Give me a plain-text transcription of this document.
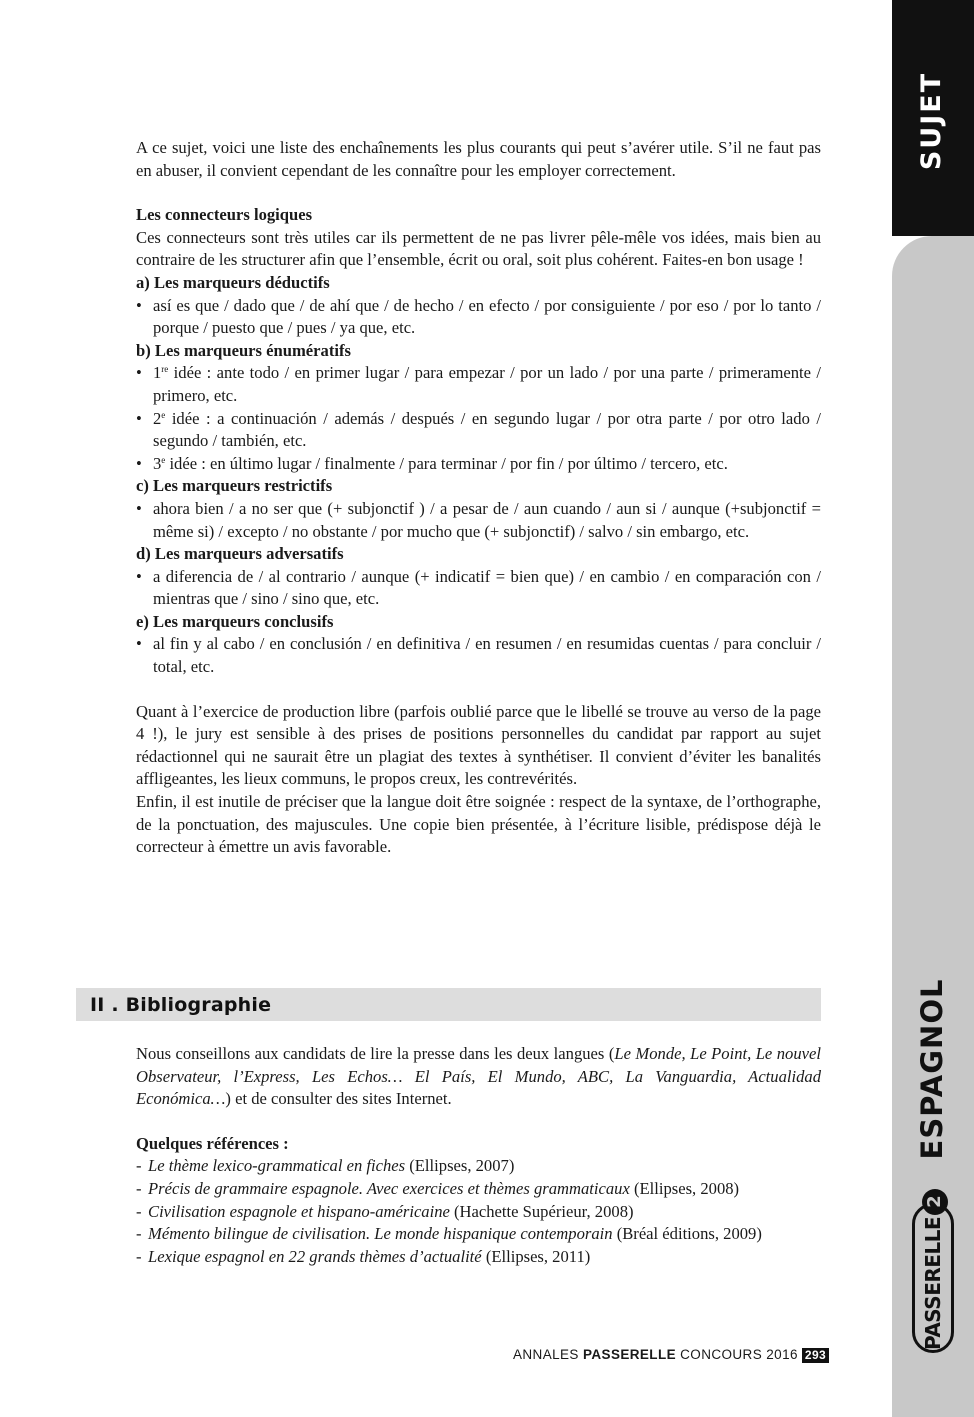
SUJET
ESPAGNOL
PASSERELLE2

A ce sujet, voici une liste des enchaînements les plus courants qui peut s’avérer utile. S’il ne faut pas en abuser, il convient cependant de les connaître pour les employer correctement.

Les connecteurs logiques

Ces connecteurs sont très utiles car ils permettent de ne pas livrer pêle-mêle vos idées, mais bien au contraire de les structurer afin que l’ensemble, écrit ou oral, soit plus cohérent. Faites-en bon usage !

a) Les marqueurs déductifs

• así es que / dado que / de ahí que / de hecho / en efecto / por consiguiente / por eso / por lo tanto / porque / puesto que / pues / ya que, etc.

b) Les marqueurs énumératifs

• 1re idée : ante todo / en primer lugar / para empezar / por un lado / por una parte / primeramente / primero, etc.
• 2e idée : a continuación / además / después / en segundo lugar / por otra parte / por otro lado / segundo / también, etc.
• 3e idée : en último lugar / finalmente / para terminar / por fin / por último / tercero, etc.

c) Les marqueurs restrictifs

• ahora bien / a no ser que (+ subjonctif ) / a pesar de / aun cuando / aun si / aunque (+subjonctif = même si) / excepto / no obstante / por mucho que (+ subjonctif) / salvo / sin embargo, etc.

d) Les marqueurs adversatifs

• a diferencia de / al contrario / aunque (+ indicatif = bien que) / en cambio / en comparación con / mientras que / sino / sino que, etc.

e) Les marqueurs conclusifs

• al fin y al cabo / en conclusión / en definitiva / en resumen / en resumidas cuentas / para concluir / total, etc.

Quant à l’exercice de production libre (parfois oublié parce que le libellé se trouve au verso de la page 4 !), le jury est sensible à des prises de positions personnelles du candidat par rapport au sujet rédactionnel qui ne saurait être un plagiat des textes à synthétiser. Il convient d’éviter les banalités affligeantes, les lieux communs, le propos creux, les contrevérités.

Enfin, il est inutile de préciser que la langue doit être soignée : respect de la syntaxe, de l’orthographe, de la ponctuation, des majuscules. Une copie bien présentée, à l’écriture lisible, prédispose déjà le correcteur à émettre un avis favorable.

II . Bibliographie

Nous conseillons aux candidats de lire la presse dans les deux langues (Le Monde, Le Point, Le nouvel Observateur, l’Express, Les Echos… El País, El Mundo, ABC, La Vanguardia, Actualidad Económica…) et de consulter des sites Internet.

Quelques références :

- Le thème lexico-grammatical en fiches (Ellipses, 2007)
- Précis de grammaire espagnole. Avec exercices et thèmes grammaticaux (Ellipses, 2008)
- Civilisation espagnole et hispano-américaine (Hachette Supérieur, 2008)
- Mémento bilingue de civilisation. Le monde hispanique contemporain (Bréal éditions, 2009)
- Lexique espagnol en 22 grands thèmes d’actualité (Ellipses, 2011)
ANNALES PASSERELLE CONCOURS 2016 293
